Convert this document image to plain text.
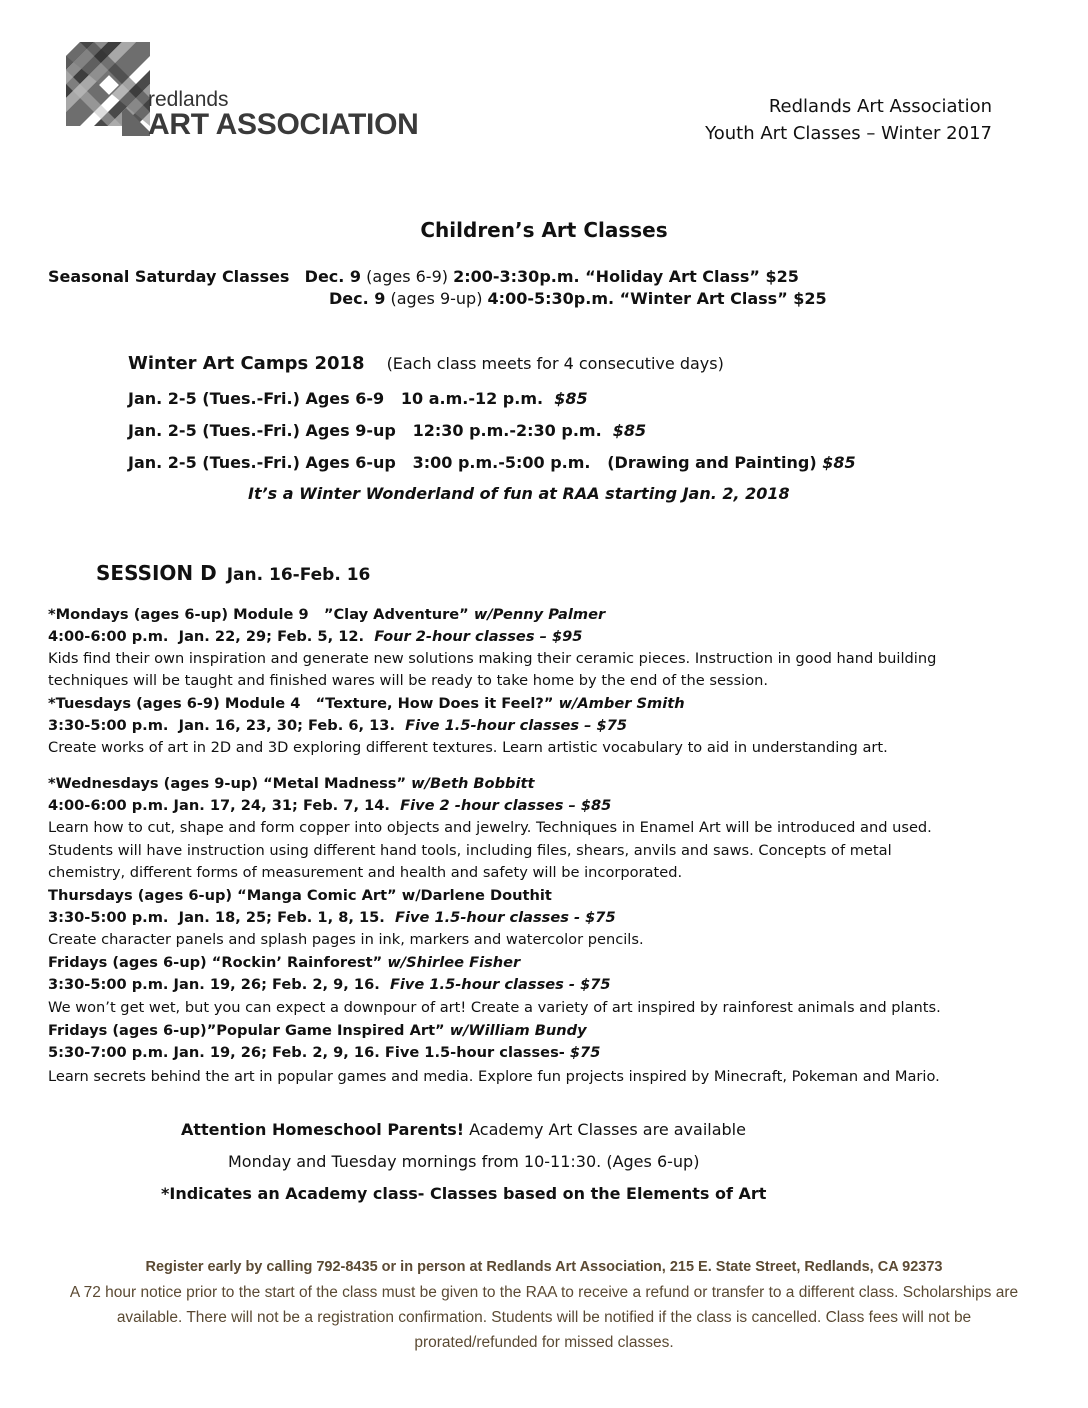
redlands
ART ASSOCIATION
Redlands Art Association
Youth Art Classes – Winter 2017
Children’s Art Classes
Seasonal Saturday Classes Dec. 9 (ages 6-9) 2:00-3:30p.m. “Holiday Art Class” $25
Dec. 9 (ages 9-up) 4:00-5:30p.m. “Winter Art Class” $25
Winter Art Camps 2018 (Each class meets for 4 consecutive days)
Jan. 2-5 (Tues.-Fri.) Ages 6-9   10 a.m.-12 p.m.  $85
Jan. 2-5 (Tues.-Fri.) Ages 9-up   12:30 p.m.-2:30 p.m.  $85
Jan. 2-5 (Tues.-Fri.) Ages 6-up   3:00 p.m.-5:00 p.m.   (Drawing and Painting) $85
It’s a Winter Wonderland of fun at RAA starting Jan. 2, 2018
SESSION D Jan. 16-Feb. 16
*Mondays (ages 6-up) Module 9   ”Clay Adventure” w/Penny Palmer
4:00-6:00 p.m.  Jan. 22, 29; Feb. 5, 12.  Four 2-hour classes – $95
Kids find their own inspiration and generate new solutions making their ceramic pieces. Instruction in good hand building
techniques will be taught and finished wares will be ready to take home by the end of the session.
*Tuesdays (ages 6-9) Module 4   “Texture, How Does it Feel?” w/Amber Smith
3:30-5:00 p.m.  Jan. 16, 23, 30; Feb. 6, 13.  Five 1.5-hour classes – $75
Create works of art in 2D and 3D exploring different textures. Learn artistic vocabulary to aid in understanding art.
*Wednesdays (ages 9-up) “Metal Madness” w/Beth Bobbitt
4:00-6:00 p.m. Jan. 17, 24, 31; Feb. 7, 14.  Five 2 -hour classes – $85
Learn how to cut, shape and form copper into objects and jewelry. Techniques in Enamel Art will be introduced and used.
Students will have instruction using different hand tools, including files, shears, anvils and saws. Concepts of metal
chemistry, different forms of measurement and health and safety will be incorporated.
Thursdays (ages 6-up) “Manga Comic Art” w/Darlene Douthit
3:30-5:00 p.m.  Jan. 18, 25; Feb. 1, 8, 15.  Five 1.5-hour classes - $75
Create character panels and splash pages in ink, markers and watercolor pencils.
Fridays (ages 6-up) “Rockin’ Rainforest” w/Shirlee Fisher
3:30-5:00 p.m. Jan. 19, 26; Feb. 2, 9, 16.  Five 1.5-hour classes - $75
We won’t get wet, but you can expect a downpour of art! Create a variety of art inspired by rainforest animals and plants.
Fridays (ages 6-up)”Popular Game Inspired Art” w/William Bundy
5:30-7:00 p.m. Jan. 19, 26; Feb. 2, 9, 16. Five 1.5-hour classes- $75
Learn secrets behind the art in popular games and media. Explore fun projects inspired by Minecraft, Pokeman and Mario.
Attention Homeschool Parents! Academy Art Classes are available
Monday and Tuesday mornings from 10-11:30. (Ages 6-up)
*Indicates an Academy class- Classes based on the Elements of Art
Register early by calling 792-8435 or in person at Redlands Art Association, 215 E. State Street, Redlands, CA 92373
A 72 hour notice prior to the start of the class must be given to the RAA to receive a refund or transfer to a different class. Scholarships are
available. There will not be a registration confirmation. Students will be notified if the class is cancelled. Class fees will not be
prorated/refunded for missed classes.
